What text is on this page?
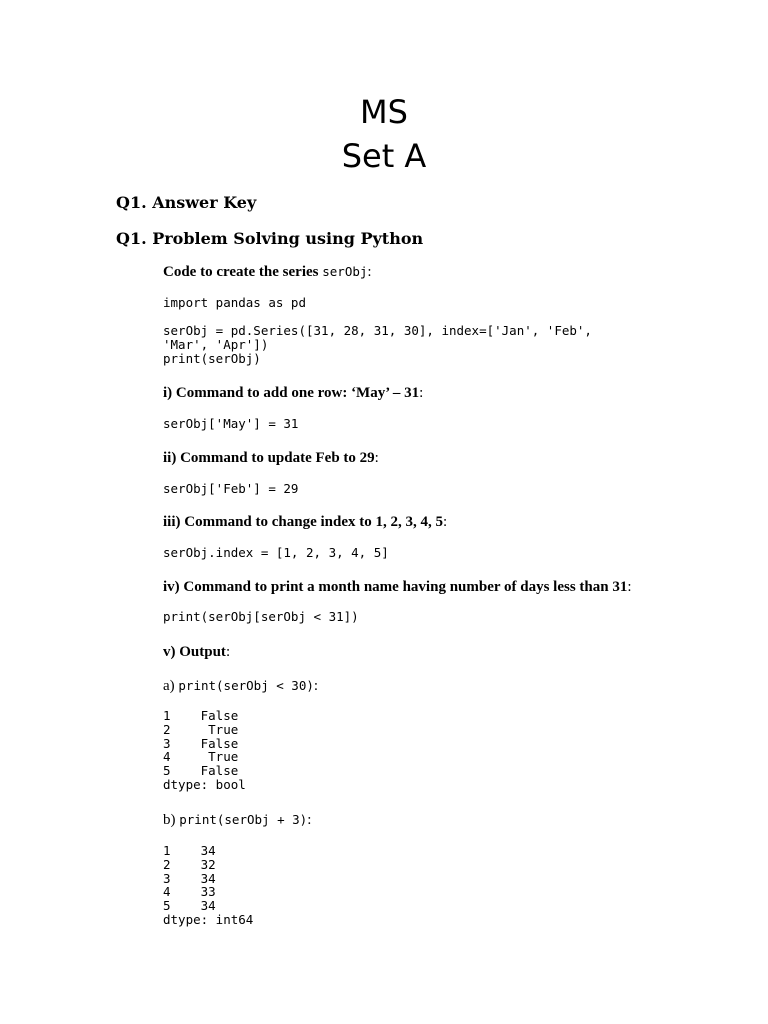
MS
Set A
Q1. Answer Key
Q1. Problem Solving using Python
Code to create the series serObj:
import pandas as pd
serObj = pd.Series([31, 28, 31, 30], index=['Jan', 'Feb',
'Mar', 'Apr'])
print(serObj)
i) Command to add one row: ‘May’ – 31:
serObj['May'] = 31
ii) Command to update Feb to 29:
serObj['Feb'] = 29
iii) Command to change index to 1, 2, 3, 4, 5:
serObj.index = [1, 2, 3, 4, 5]
iv) Command to print a month name having number of days less than 31:
print(serObj[serObj < 31])
v) Output:
a) print(serObj < 30):
1    False
2     True
3    False
4     True
5    False
dtype: bool
b) print(serObj + 3):
1    34
2    32
3    34
4    33
5    34
dtype: int64
